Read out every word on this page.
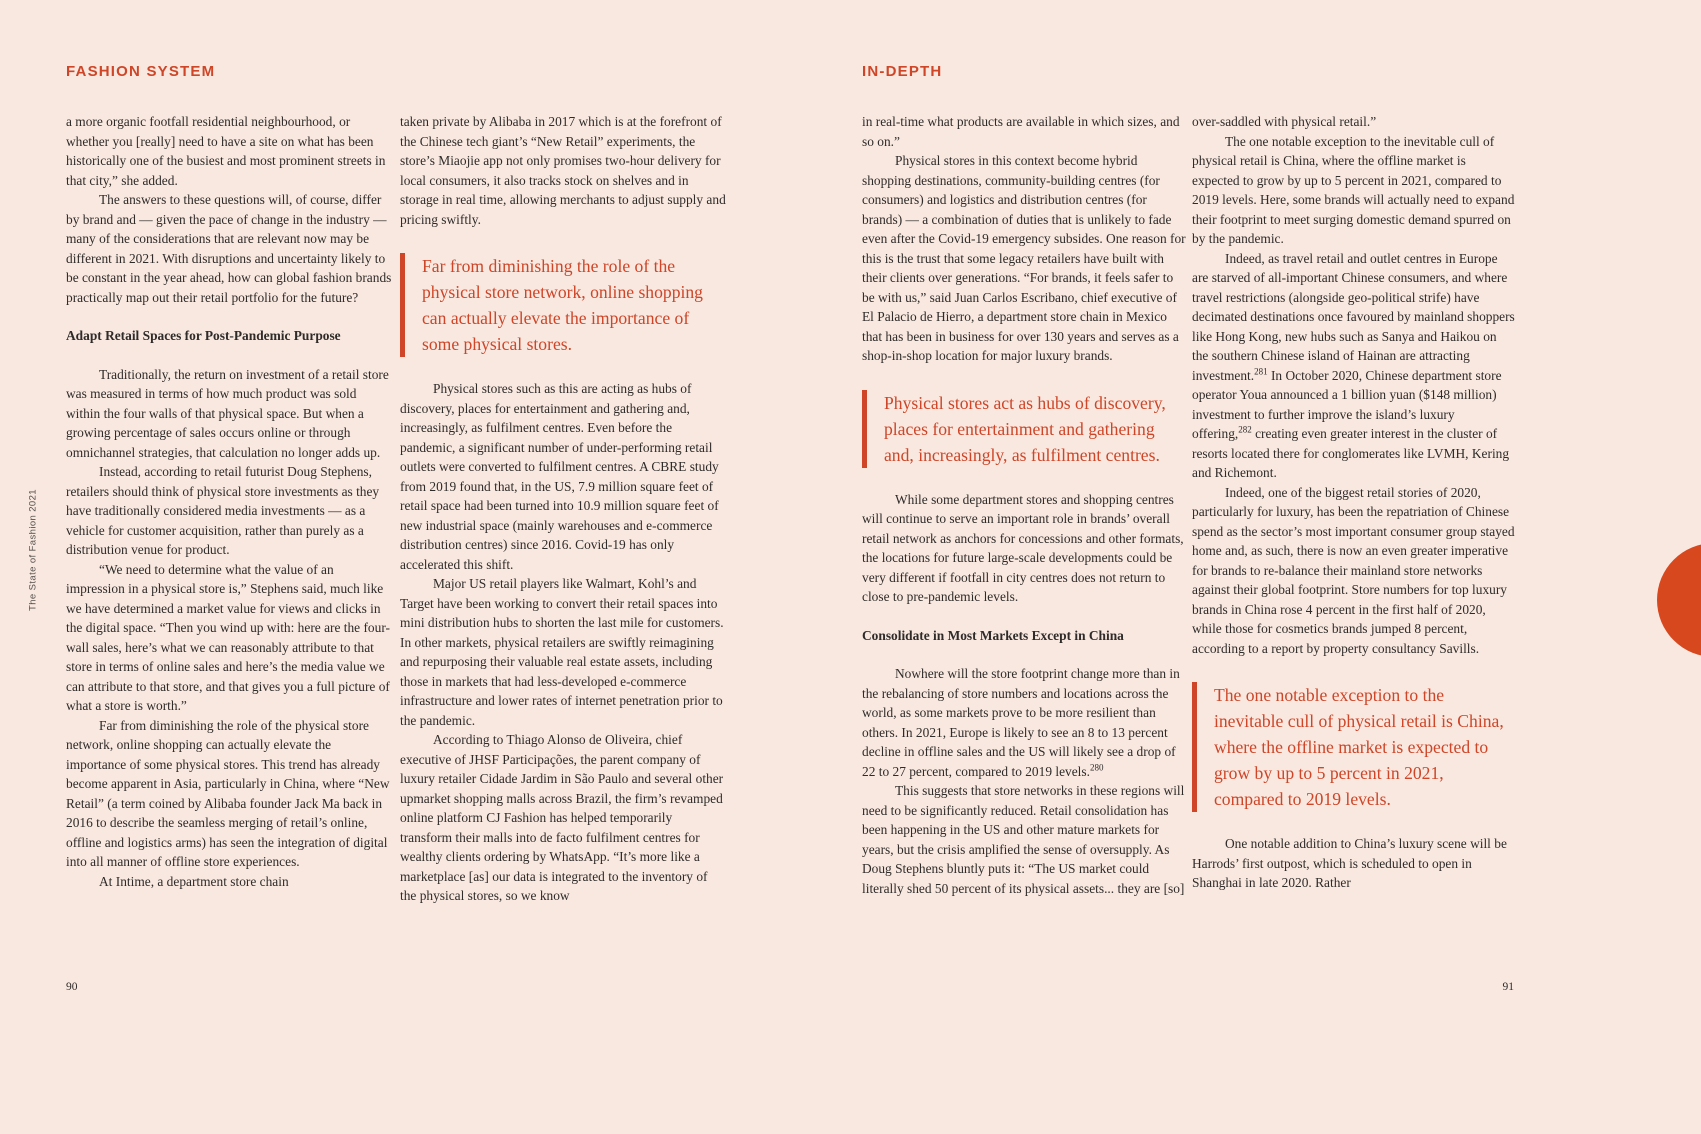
FASHION SYSTEM
The State of Fashion 2021
a more organic footfall residential neighbourhood, or whether you [really] need to have a site on what has been historically one of the busiest and most prominent streets in that city,” she added.
The answers to these questions will, of course, differ by brand and — given the pace of change in the industry — many of the considerations that are relevant now may be different in 2021. With disruptions and uncertainty likely to be constant in the year ahead, how can global fashion brands practically map out their retail portfolio for the future?
Adapt Retail Spaces for Post-Pandemic Purpose
Traditionally, the return on investment of a retail store was measured in terms of how much product was sold within the four walls of that physical space. But when a growing percentage of sales occurs online or through omnichannel strategies, that calculation no longer adds up.
Instead, according to retail futurist Doug Stephens, retailers should think of physical store investments as they have traditionally considered media investments — as a vehicle for customer acquisition, rather than purely as a distribution venue for product.
“We need to determine what the value of an impression in a physical store is,” Stephens said, much like we have determined a market value for views and clicks in the digital space. “Then you wind up with: here are the four-wall sales, here’s what we can reasonably attribute to that store in terms of online sales and here’s the media value we can attribute to that store, and that gives you a full picture of what a store is worth.”
Far from diminishing the role of the physical store network, online shopping can actually elevate the importance of some physical stores. This trend has already become apparent in Asia, particularly in China, where “New Retail” (a term coined by Alibaba founder Jack Ma back in 2016 to describe the seamless merging of retail’s online, offline and logistics arms) has seen the integration of digital into all manner of offline store experiences.
At Intime, a department store chain
taken private by Alibaba in 2017 which is at the forefront of the Chinese tech giant’s “New Retail” experiments, the store’s Miaojie app not only promises two-hour delivery for local consumers, it also tracks stock on shelves and in storage in real time, allowing merchants to adjust supply and pricing swiftly.
Far from diminishing the role of the physical store network, online shopping can actually elevate the importance of some physical stores.
Physical stores such as this are acting as hubs of discovery, places for entertainment and gathering and, increasingly, as fulfilment centres. Even before the pandemic, a significant number of under-performing retail outlets were converted to fulfilment centres. A CBRE study from 2019 found that, in the US, 7.9 million square feet of retail space had been turned into 10.9 million square feet of new industrial space (mainly warehouses and e-commerce distribution centres) since 2016. Covid-19 has only accelerated this shift.
Major US retail players like Walmart, Kohl’s and Target have been working to convert their retail spaces into mini distribution hubs to shorten the last mile for customers. In other markets, physical retailers are swiftly reimagining and repurposing their valuable real estate assets, including those in markets that had less-developed e-commerce infrastructure and lower rates of internet penetration prior to the pandemic.
According to Thiago Alonso de Oliveira, chief executive of JHSF Participações, the parent company of luxury retailer Cidade Jardim in São Paulo and several other upmarket shopping malls across Brazil, the firm’s revamped online platform CJ Fashion has helped temporarily transform their malls into de facto fulfilment centres for wealthy clients ordering by WhatsApp. “It’s more like a marketplace [as] our data is integrated to the inventory of the physical stores, so we know
90
IN-DEPTH
in real-time what products are available in which sizes, and so on.”
Physical stores in this context become hybrid shopping destinations, community-building centres (for consumers) and logistics and distribution centres (for brands) — a combination of duties that is unlikely to fade even after the Covid-19 emergency subsides. One reason for this is the trust that some legacy retailers have built with their clients over generations. “For brands, it feels safer to be with us,” said Juan Carlos Escribano, chief executive of El Palacio de Hierro, a department store chain in Mexico that has been in business for over 130 years and serves as a shop-in-shop location for major luxury brands.
Physical stores act as hubs of discovery, places for entertainment and gathering and, increasingly, as fulfilment centres.
While some department stores and shopping centres will continue to serve an important role in brands’ overall retail network as anchors for concessions and other formats, the locations for future large-scale developments could be very different if footfall in city centres does not return to close to pre-pandemic levels.
Consolidate in Most Markets Except in China
Nowhere will the store footprint change more than in the rebalancing of store numbers and locations across the world, as some markets prove to be more resilient than others. In 2021, Europe is likely to see an 8 to 13 percent decline in offline sales and the US will likely see a drop of 22 to 27 percent, compared to 2019 levels.$^{280}$
This suggests that store networks in these regions will need to be significantly reduced. Retail consolidation has been happening in the US and other mature markets for years, but the crisis amplified the sense of oversupply. As Doug Stephens bluntly puts it: “The US market could literally shed 50 percent of its physical assets... they are [so]
over-saddled with physical retail.”
The one notable exception to the inevitable cull of physical retail is China, where the offline market is expected to grow by up to 5 percent in 2021, compared to 2019 levels. Here, some brands will actually need to expand their footprint to meet surging domestic demand spurred on by the pandemic.
Indeed, as travel retail and outlet centres in Europe are starved of all-important Chinese consumers, and where travel restrictions (alongside geo-political strife) have decimated destinations once favoured by mainland shoppers like Hong Kong, new hubs such as Sanya and Haikou on the southern Chinese island of Hainan are attracting investment.$^{281}$ In October 2020, Chinese department store operator Youa announced a 1 billion yuan ($148 million) investment to further improve the island’s luxury offering,$^{282}$ creating even greater interest in the cluster of resorts located there for conglomerates like LVMH, Kering and Richemont.
Indeed, one of the biggest retail stories of 2020, particularly for luxury, has been the repatriation of Chinese spend as the sector’s most important consumer group stayed home and, as such, there is now an even greater imperative for brands to re-balance their mainland store networks against their global footprint. Store numbers for top luxury brands in China rose 4 percent in the first half of 2020, while those for cosmetics brands jumped 8 percent, according to a report by property consultancy Savills.
The one notable exception to the inevitable cull of physical retail is China, where the offline market is expected to grow by up to 5 percent in 2021, compared to 2019 levels.
One notable addition to China’s luxury scene will be Harrods’ first outpost, which is scheduled to open in Shanghai in late 2020. Rather
91
